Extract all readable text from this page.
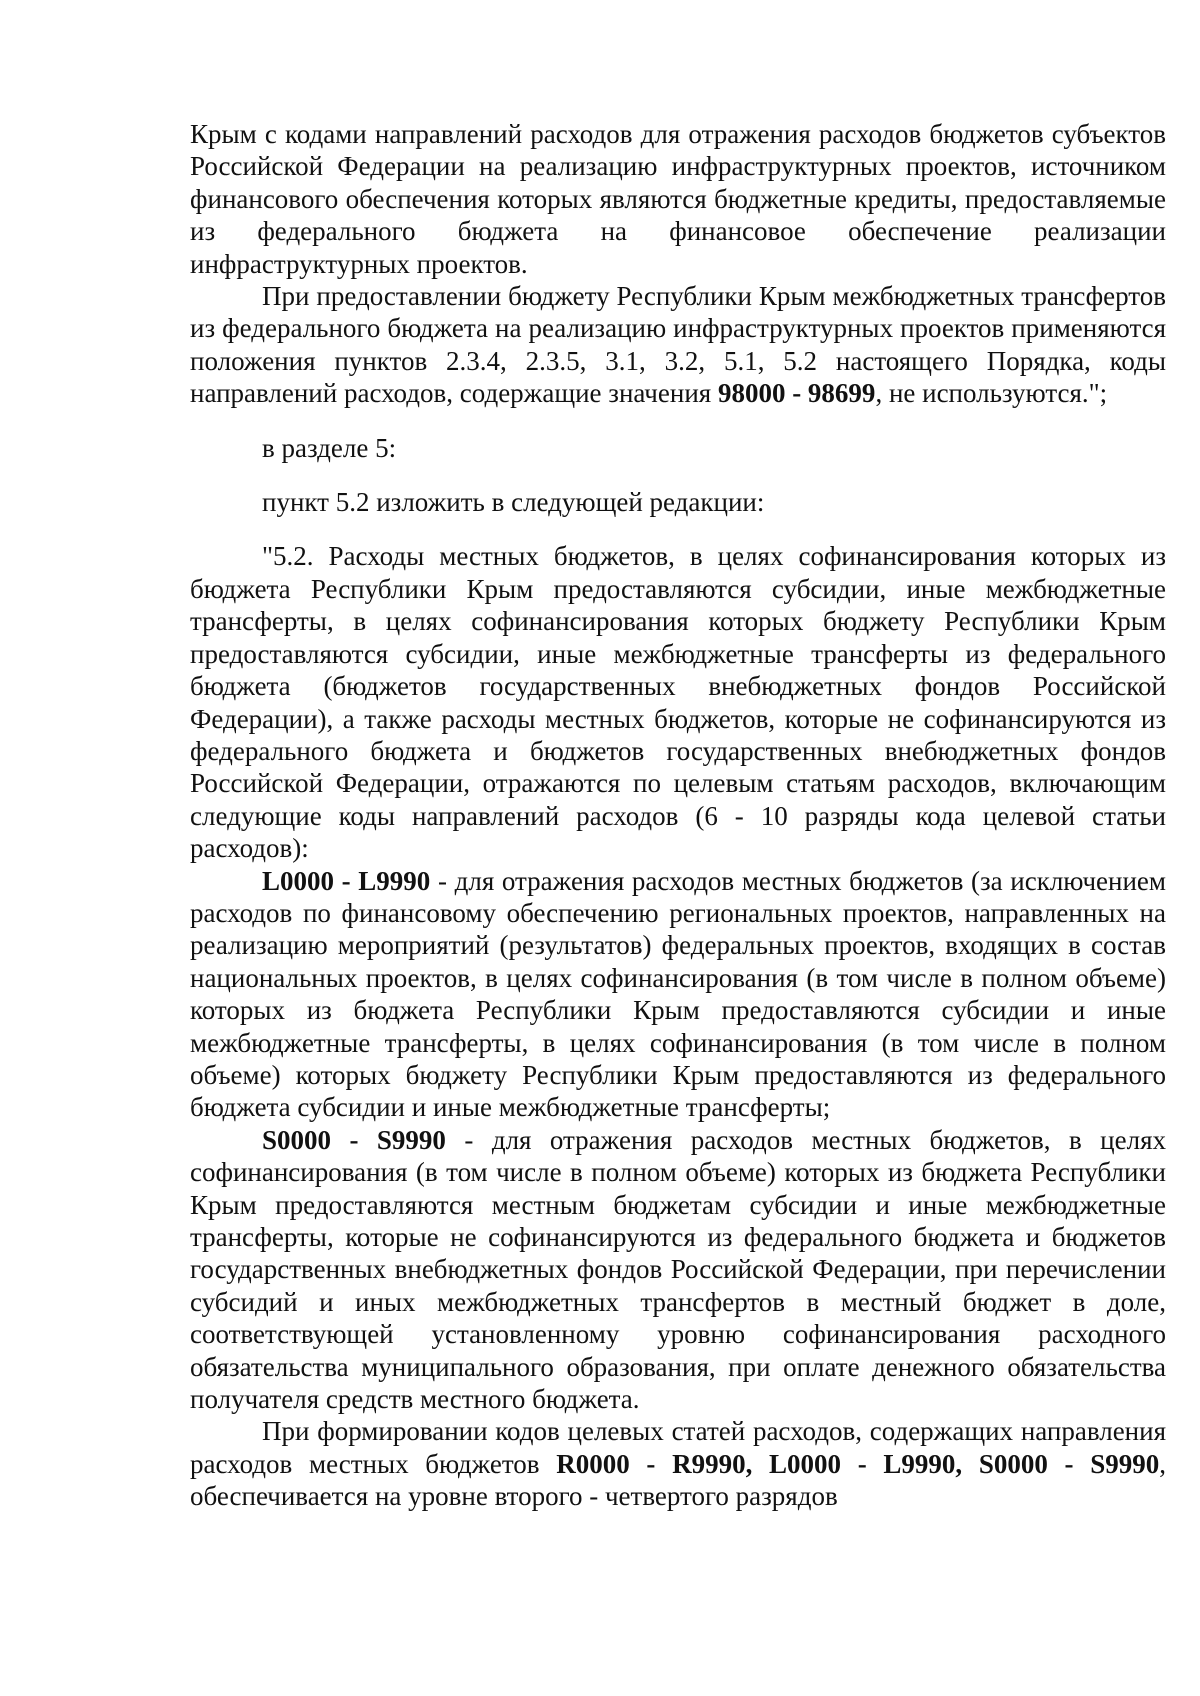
Крым с кодами направлений расходов для отражения расходов бюджетов субъектов Российской Федерации на реализацию инфраструктурных проектов, источником финансового обеспечения которых являются бюджетные кредиты, предоставляемые из федерального бюджета на финансовое обеспечение реализации инфраструктурных проектов.

При предоставлении бюджету Республики Крым межбюджетных трансфертов из федерального бюджета на реализацию инфраструктурных проектов применяются положения пунктов 2.3.4, 2.3.5, 3.1, 3.2, 5.1, 5.2 настоящего Порядка, коды направлений расходов, содержащие значения 98000 - 98699, не используются.";

в разделе 5:

пункт 5.2 изложить в следующей редакции:

"5.2. Расходы местных бюджетов, в целях софинансирования которых из бюджета Республики Крым предоставляются субсидии, иные межбюджетные трансферты, в целях софинансирования которых бюджету Республики Крым предоставляются субсидии, иные межбюджетные трансферты из федерального бюджета (бюджетов государственных внебюджетных фондов Российской Федерации), а также расходы местных бюджетов, которые не софинансируются из федерального бюджета и бюджетов государственных внебюджетных фондов Российской Федерации, отражаются по целевым статьям расходов, включающим следующие коды направлений расходов (6 - 10 разряды кода целевой статьи расходов):

L0000 - L9990 - для отражения расходов местных бюджетов (за исключением расходов по финансовому обеспечению региональных проектов, направленных на реализацию мероприятий (результатов) федеральных проектов, входящих в состав национальных проектов, в целях софинансирования (в том числе в полном объеме) которых из бюджета Республики Крым предоставляются субсидии и иные межбюджетные трансферты, в целях софинансирования (в том числе в полном объеме) которых бюджету Республики Крым предоставляются из федерального бюджета субсидии и иные межбюджетные трансферты;

S0000 - S9990 - для отражения расходов местных бюджетов, в целях софинансирования (в том числе в полном объеме) которых из бюджета Республики Крым предоставляются местным бюджетам субсидии и иные межбюджетные трансферты, которые не софинансируются из федерального бюджета и бюджетов государственных внебюджетных фондов Российской Федерации, при перечислении субсидий и иных межбюджетных трансфертов в местный бюджет в доле, соответствующей установленному уровню софинансирования расходного обязательства муниципального образования, при оплате денежного обязательства получателя средств местного бюджета.

При формировании кодов целевых статей расходов, содержащих направления расходов местных бюджетов R0000 - R9990, L0000 - L9990, S0000 - S9990, обеспечивается на уровне второго - четвертого разрядов
